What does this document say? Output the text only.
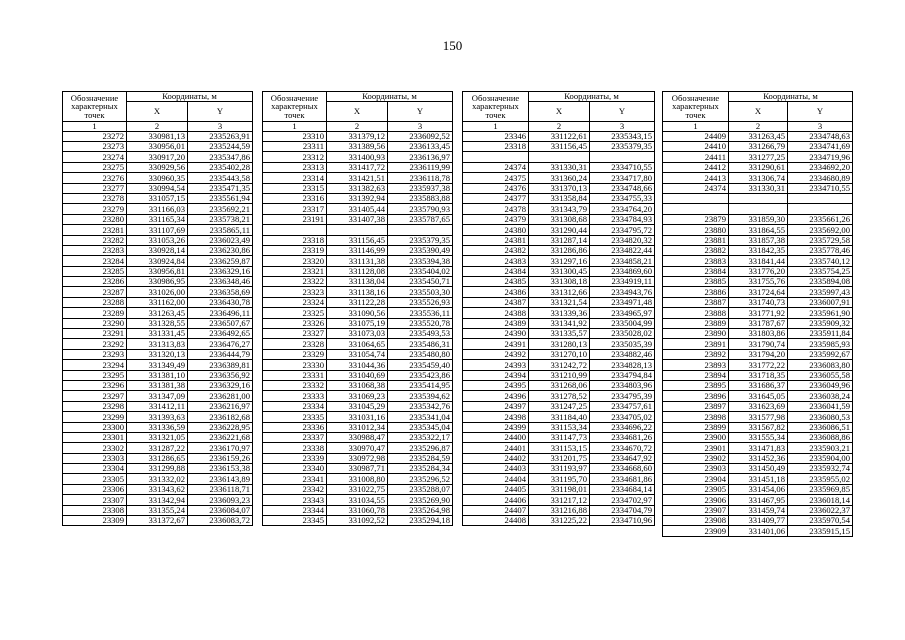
150
Обозначение характерных точек	Координаты, м	
	X	Y
1	2	3
23272	330981,13	2335263,91
23273	330956,01	2335244,59
23274	330917,20	2335347,86
23275	330929,56	2335402,28
23276	330960,35	2335443,58
23277	330994,54	2335471,35
23278	331057,15	2335561,94
23279	331166,03	2335692,21
23280	331165,34	2335738,21
23281	331107,69	2335865,11
23282	331053,26	2336023,49
23283	330928,14	2336230,86
23284	330924,84	2336259,87
23285	330956,81	2336329,16
23286	330986,95	2336348,46
23287	331026,00	2336358,69
23288	331162,00	2336430,78
23289	331263,45	2336496,11
23290	331328,55	2336507,67
23291	331331,45	2336492,65
23292	331313,83	2336476,27
23293	331320,13	2336444,79
23294	331349,49	2336389,81
23295	331381,10	2336356,92
23296	331381,38	2336329,16
23297	331347,09	2336281,00
23298	331412,11	2336216,97
23299	331393,63	2336182,68
23300	331336,59	2336228,95
23301	331321,05	2336221,68
23302	331287,22	2336170,97
23303	331286,65	2336159,26
23304	331299,88	2336153,38
23305	331332,02	2336143,89
23306	331343,62	2336118,71
23307	331342,94	2336093,23
23308	331355,24	2336084,07
23309	331372,67	2336083,72
Обозначение характерных точек	Координаты, м	
	X	Y
1	2	3
23310	331379,12	2336092,52
23311	331389,56	2336133,45
23312	331400,93	2336136,97
23313	331417,72	2336119,99
23314	331421,51	2336118,78
23315	331382,63	2335937,38
23316	331392,94	2335883,88
23317	331405,44	2335790,93
23191	331407,38	2335787,65

23318	331156,45	2335379,35
23319	331146,99	2335390,49
23320	331131,38	2335394,38
23321	331128,08	2335404,02
23322	331138,04	2335450,71
23323	331138,16	2335503,30
23324	331122,28	2335526,93
23325	331090,56	2335536,11
23326	331075,19	2335520,78
23327	331073,03	2335493,53
23328	331064,65	2335486,31
23329	331054,74	2335480,80
23330	331044,36	2335459,40
23331	331040,69	2335423,86
23332	331068,38	2335414,95
23333	331069,23	2335394,62
23334	331045,29	2335342,76
23335	331031,16	2335341,04
23336	331012,34	2335345,04
23337	330988,47	2335322,17
23338	330970,47	2335296,87
23339	330972,98	2335284,59
23340	330987,71	2335284,34
23341	331008,80	2335296,52
23342	331022,75	2335288,07
23343	331034,55	2335269,90
23344	331060,78	2335264,98
23345	331092,52	2335294,18
Обозначение характерных точек	Координаты, м	
	X	Y
1	2	3
23346	331122,61	2335343,15
23318	331156,45	2335379,35

24374	331330,31	2334710,55
24375	331360,24	2334717,80
24376	331370,13	2334748,66
24377	331358,84	2334755,33
24378	331343,79	2334764,20
24379	331308,68	2334784,93
24380	331290,44	2334795,72
24381	331287,14	2334820,32
24382	331286,86	2334822,44
24383	331297,16	2334858,21
24384	331300,45	2334869,60
24385	331308,18	2334919,11
24386	331312,66	2334943,76
24387	331321,54	2334971,48
24388	331339,36	2334965,97
24389	331341,92	2335004,99
24390	331335,57	2335028,02
24391	331280,13	2335035,39
24392	331270,10	2334882,46
24393	331242,72	2334828,13
24394	331210,99	2334794,84
24395	331268,06	2334803,96
24396	331278,52	2334795,39
24397	331247,25	2334757,61
24398	331184,40	2334705,02
24399	331153,34	2334696,22
24400	331147,73	2334681,26
24401	331153,15	2334670,72
24402	331201,75	2334647,92
24403	331193,97	2334668,60
24404	331195,70	2334681,86
24405	331198,01	2334684,14
24406	331217,12	2334702,97
24407	331216,88	2334704,79
24408	331225,22	2334710,96
Обозначение характерных точек	Координаты, м	
	X	Y
1	2	3
24409	331263,45	2334748,63
24410	331266,79	2334741,69
24411	331277,25	2334719,96
24412	331290,61	2334692,20
24413	331306,74	2334680,89
24374	331330,31	2334710,55

23879	331859,30	2335661,26
23880	331864,55	2335692,00
23881	331857,38	2335729,58
23882	331842,35	2335778,46
23883	331841,44	2335740,12
23884	331776,20	2335754,25
23885	331755,76	2335894,08
23886	331724,64	2335997,43
23887	331740,73	2336007,91
23888	331771,92	2335961,90
23889	331787,67	2335909,32
23890	331803,86	2335911,84
23891	331790,74	2335985,93
23892	331794,20	2335992,67
23893	331772,22	2336083,80
23894	331718,35	2336055,58
23895	331686,37	2336049,96
23896	331645,05	2336038,24
23897	331623,69	2336041,59
23898	331577,98	2336080,53
23899	331567,82	2336086,51
23900	331555,34	2336088,86
23901	331471,83	2335903,21
23902	331452,36	2335904,00
23903	331450,49	2335932,74
23904	331451,18	2335955,02
23905	331454,06	2335969,85
23906	331467,95	2336018,14
23907	331459,74	2336022,37
23908	331409,77	2335970,54
23909	331401,06	2335915,15
